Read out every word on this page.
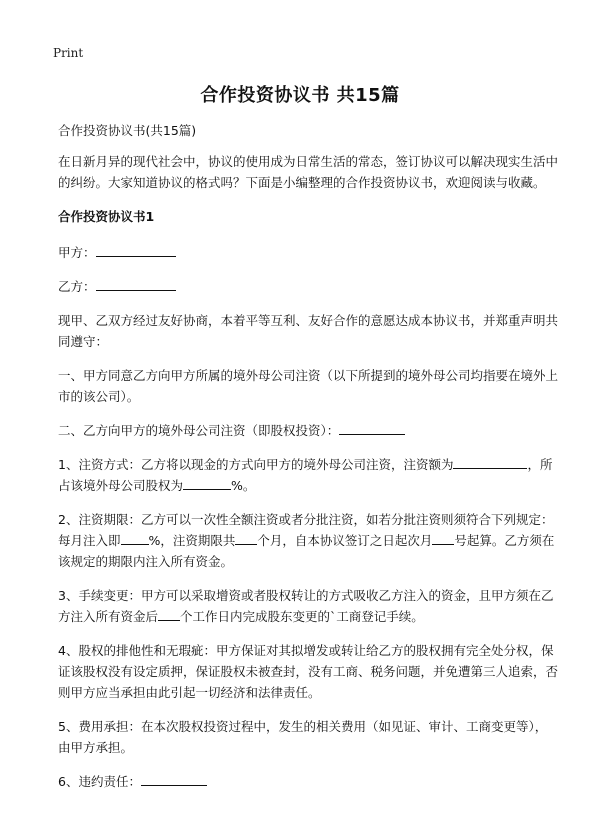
Print
合作投资协议书 共15篇

合作投资协议书(共15篇)

在日新月异的现代社会中，协议的使用成为日常生活的常态，签订协议可以解决现实生活中的纠纷。大家知道协议的格式吗？下面是小编整理的合作投资协议书，欢迎阅读与收藏。

合作投资协议书1

甲方：

乙方：

现甲、乙双方经过友好协商，本着平等互利、友好合作的意愿达成本协议书，并郑重声明共同遵守：

一、甲方同意乙方向甲方所属的境外母公司注资（以下所提到的境外母公司均指要在境外上市的该公司）。

二、乙方向甲方的境外母公司注资（即股权投资）：

1、注资方式：乙方将以现金的方式向甲方的境外母公司注资，注资额为	，所占该境外母公司股权为	%。

2、注资期限：乙方可以一次性全额注资或者分批注资，如若分批注资则须符合下列规定：每月注入即 %，注资期限共 个月，自本协议签订之日起次月 号起算。乙方须在该规定的期限内注入所有资金。

3、手续变更：甲方可以采取增资或者股权转让的方式吸收乙方注入的资金，且甲方须在乙方注入所有资金后 个工作日内完成股东变更的`工商登记手续。

4、股权的排他性和无瑕疵：甲方保证对其拟增发或转让给乙方的股权拥有完全处分权，保证该股权没有设定质押，保证股权未被查封，没有工商、税务问题，并免遭第三人追索，否则甲方应当承担由此引起一切经济和法律责任。

5、费用承担：在本次股权投资过程中，发生的相关费用（如见证、审计、工商变更等），由甲方承担。

6、违约责任：
